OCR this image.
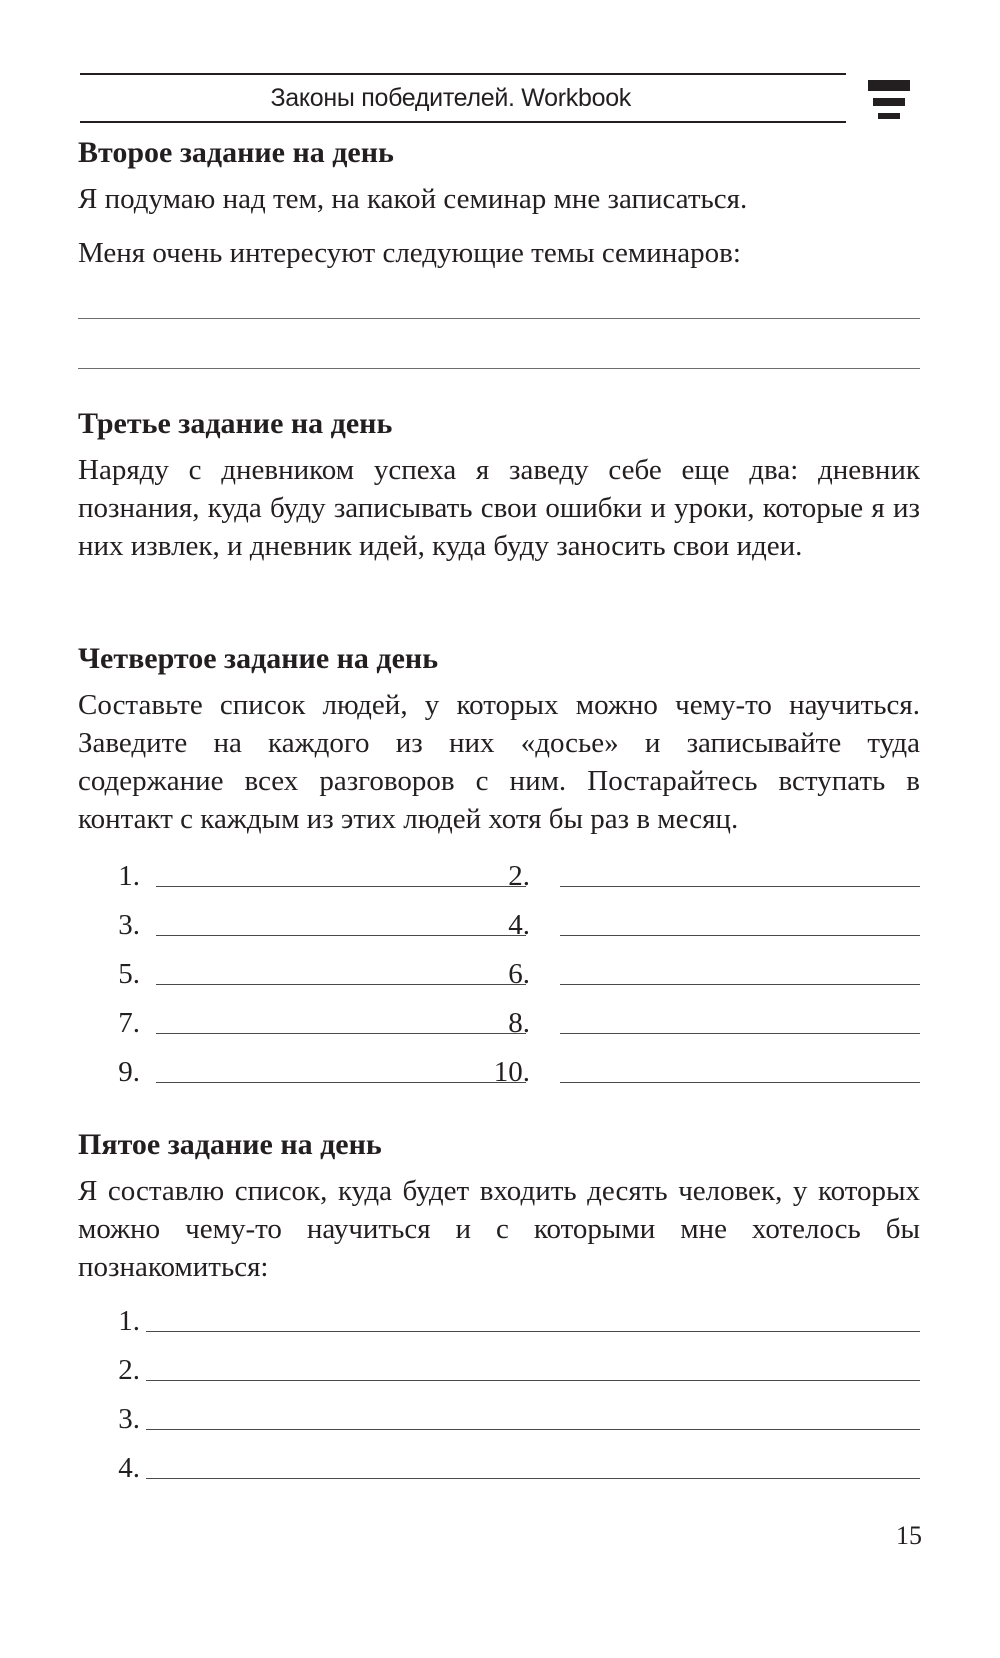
Законы победителей. Workbook
Второе задание на день

Я подумаю над тем, на какой семинар мне записаться.

Меня очень интересуют следующие темы семинаров:

Третье задание на день

Наряду с дневником успеха я заведу себе еще два: дневник познания, куда буду записывать свои ошибки и уроки, которые я из них извлек, и дневник идей, куда буду заносить свои идеи.

Четвертое задание на день

Составьте список людей, у которых можно чему-то научиться. Заведите на каждого из них «досье» и записывайте туда содержание всех разговоров с ним. Постарайтесь вступать в контакт с каждым из этих людей хотя бы раз в месяц.

1.	2.
3.	4.
5.	6.
7.	8.
9.	10.
Пятое задание на день

Я составлю список, куда будет входить десять человек, у которых можно чему-то научиться и с которыми мне хотелось бы познакомиться:

1.
2.
3.
4.
15
